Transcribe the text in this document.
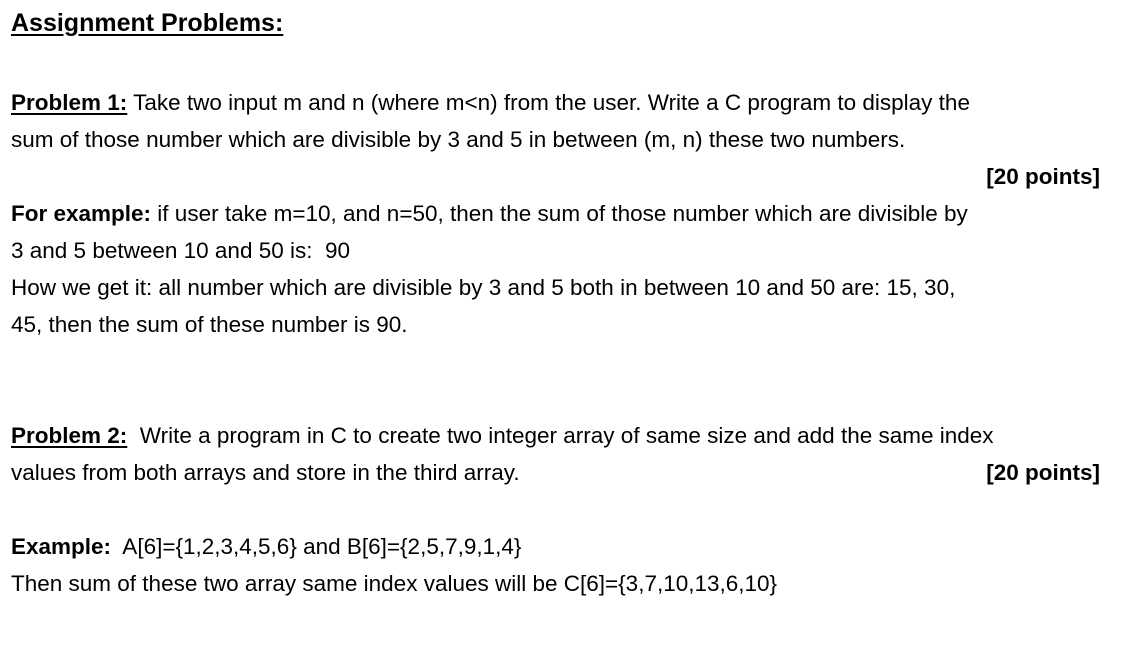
Assignment Problems:
Problem 1: Take two input m and n (where m<n) from the user. Write a C program to display the
sum of those number which are divisible by 3 and 5 in between (m, n) these two numbers.
[20 points]
For example: if user take m=10, and n=50, then the sum of those number which are divisible by
3 and 5 between 10 and 50 is:  90
How we get it: all number which are divisible by 3 and 5 both in between 10 and 50 are: 15, 30,
45, then the sum of these number is 90.
Problem 2:  Write a program in C to create two integer array of same size and add the same index
values from both arrays and store in the third array.	[20 points]
Example:  A[6]={1,2,3,4,5,6} and B[6]={2,5,7,9,1,4}
Then sum of these two array same index values will be C[6]={3,7,10,13,6,10}
